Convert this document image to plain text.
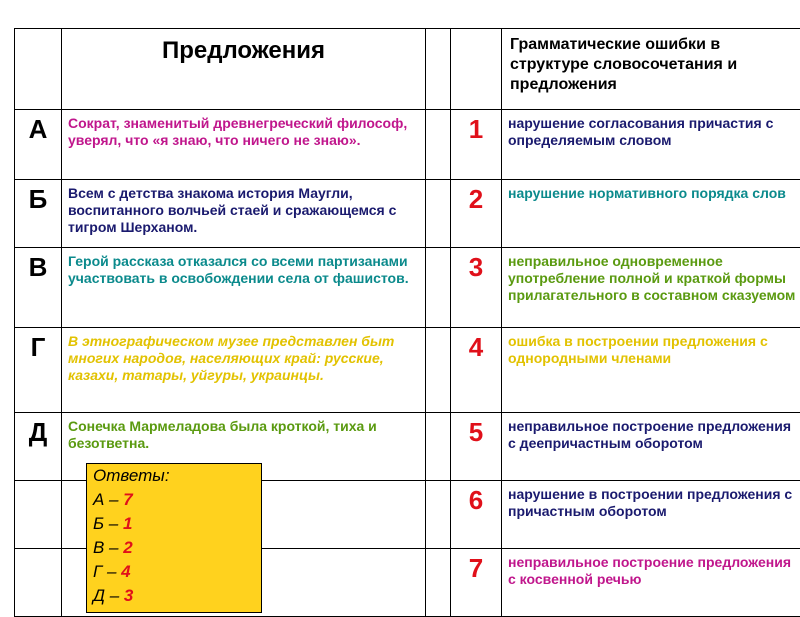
	Предложения			Грамматические ошибки в структуре словосочетания и предложения
А	Сократ, знаменитый древнегреческий философ, уверял, что «я знаю, что ничего не знаю».		1	нарушение согласования причастия с определяемым словом
Б	Всем с детства знакома история Маугли, воспитанного волчьей стаей и сражающемся с тигром Шерханом.		2	нарушение нормативного порядка слов
В	Герой рассказа отказался со всеми партизанами участвовать в освобождении села от фашистов.		3	неправильное одновременное употребление полной и краткой формы прилагательного в составном сказуемом
Г	В этнографическом музее представлен быт многих народов, населяющих край: русские, казахи, татары, уйгуры, украинцы.		4	ошибка в построении предложения с однородными членами
Д	Сонечка Мармеладова была кроткой, тиха и безответна.		5	неправильное построение предложения с деепричастным оборотом
			6	нарушение в построении предложения с причастным оборотом
			7	неправильное построение предложения с косвенной речью
Ответы:
А – 7
Б – 1
В – 2
Г – 4
Д – 3
